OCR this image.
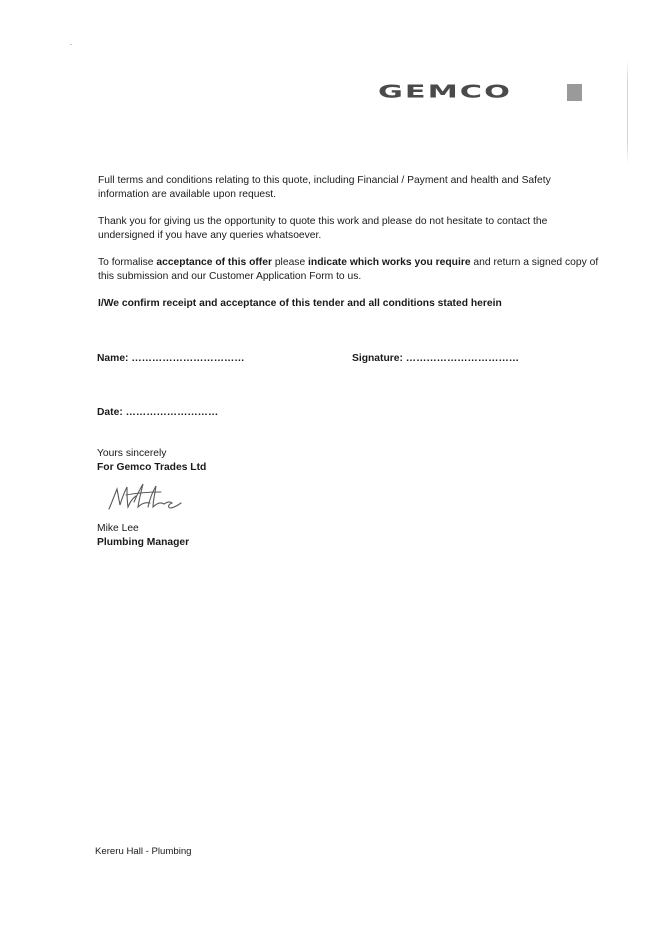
GEMCO
Full terms and conditions relating to this quote, including Financial / Payment and health and Safety
information are available upon request.
Thank you for giving us the opportunity to quote this work and please do not hesitate to contact the
undersigned if you have any queries whatsoever.
To formalise acceptance of this offer please indicate which works you require and return a signed copy of
this submission and our Customer Application Form to us.
I/We confirm receipt and acceptance of this tender and all conditions stated herein
Name: ……………………………	Signature: ……………………………
Date: ………………………
Yours sincerely
For Gemco Trades Ltd
Mike Lee
Plumbing Manager
Kereru Hall - Plumbing
